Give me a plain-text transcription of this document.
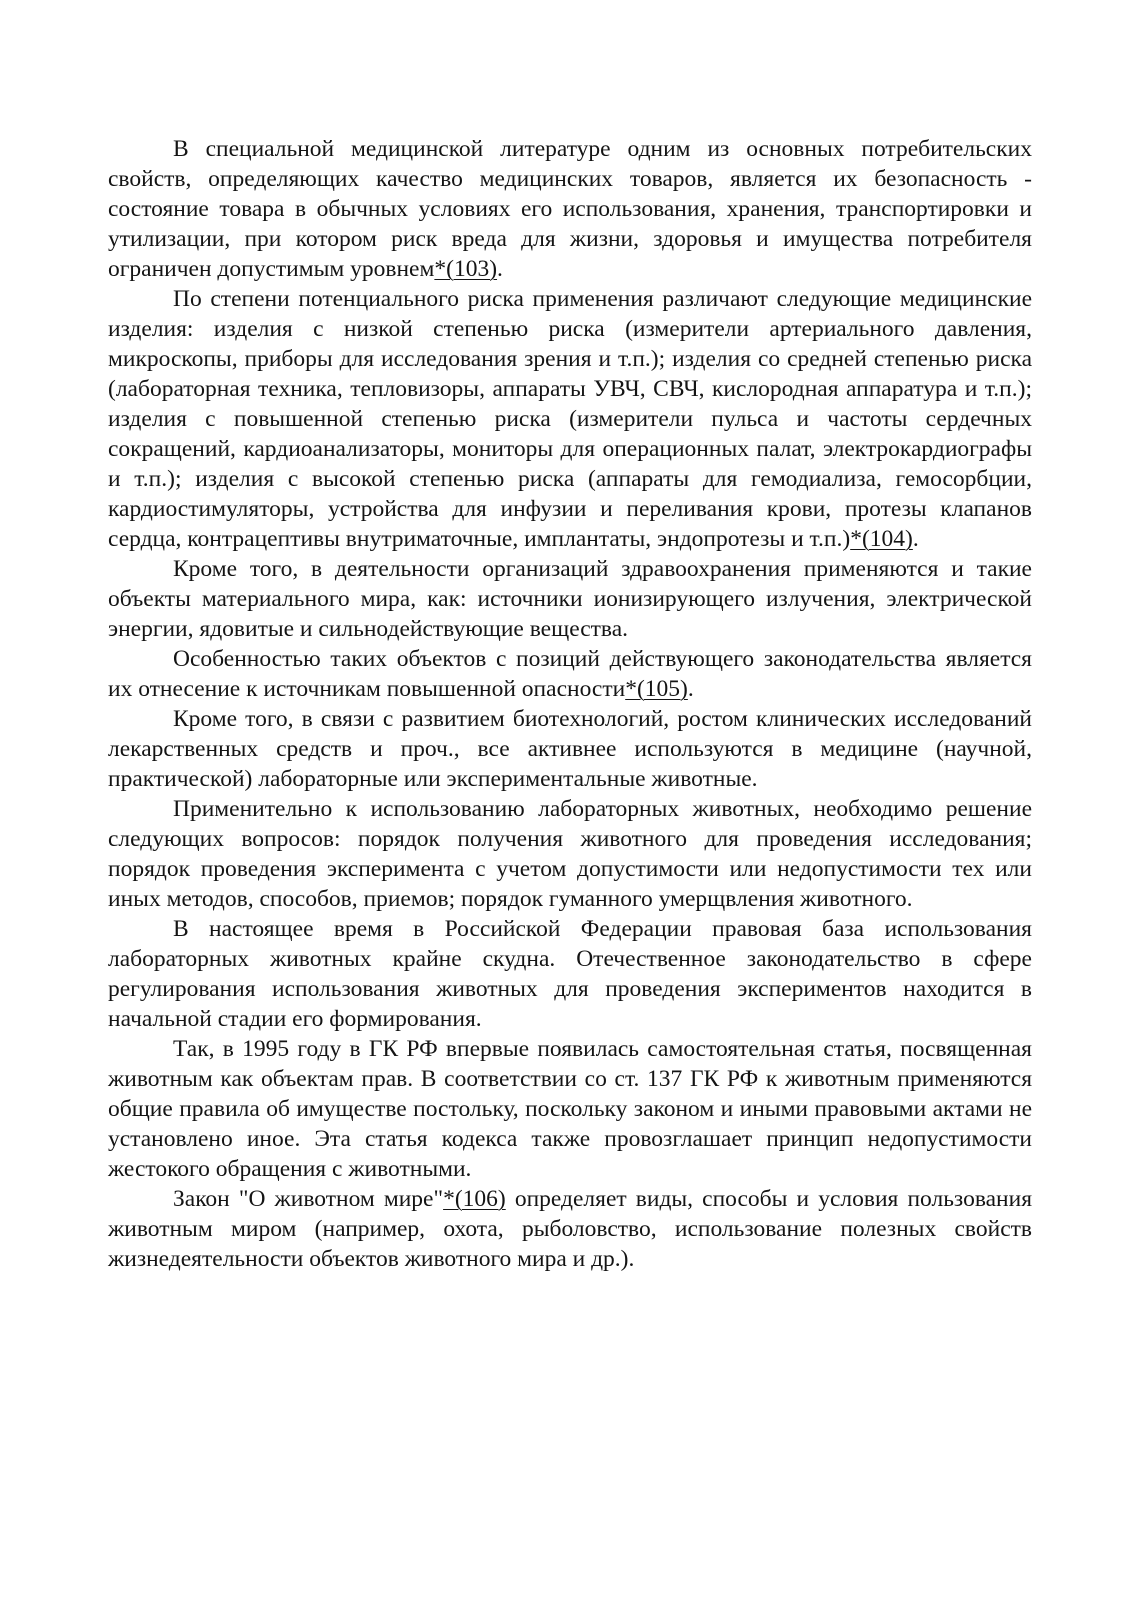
В специальной медицинской литературе одним из основных потребительских свойств, определяющих качество медицинских товаров, является их безопасность - состояние товара в обычных условиях его использования, хранения, транспортировки и утилизации, при котором риск вреда для жизни, здоровья и имущества потребителя ограничен допустимым уровнем*(103).

По степени потенциального риска применения различают следующие медицинские изделия: изделия с низкой степенью риска (измерители артериального давления, микроскопы, приборы для исследования зрения и т.п.); изделия со средней степенью риска (лабораторная техника, тепловизоры, аппараты УВЧ, СВЧ, кислородная аппаратура и т.п.); изделия с повышенной степенью риска (измерители пульса и частоты сердечных сокращений, кардиоанализаторы, мониторы для операционных палат, электрокардиографы и т.п.); изделия с высокой степенью риска (аппараты для гемодиализа, гемосорбции, кардиостимуляторы, устройства для инфузии и переливания крови, протезы клапанов сердца, контрацептивы внутриматочные, имплантаты, эндопротезы и т.п.)*(104).

Кроме того, в деятельности организаций здравоохранения применяются и такие объекты материального мира, как: источники ионизирующего излучения, электрической энергии, ядовитые и сильнодействующие вещества.

Особенностью таких объектов с позиций действующего законодательства является их отнесение к источникам повышенной опасности*(105).

Кроме того, в связи с развитием биотехнологий, ростом клинических исследований лекарственных средств и проч., все активнее используются в медицине (научной, практической) лабораторные или экспериментальные животные.

Применительно к использованию лабораторных животных, необходимо решение следующих вопросов: порядок получения животного для проведения исследования; порядок проведения эксперимента с учетом допустимости или недопустимости тех или иных методов, способов, приемов; порядок гуманного умерщвления животного.

В настоящее время в Российской Федерации правовая база использования лабораторных животных крайне скудна. Отечественное законодательство в сфере регулирования использования животных для проведения экспериментов находится в начальной стадии его формирования.

Так, в 1995 году в ГК РФ впервые появилась самостоятельная статья, посвященная животным как объектам прав. В соответствии со ст. 137 ГК РФ к животным применяются общие правила об имуществе постольку, поскольку законом и иными правовыми актами не установлено иное. Эта статья кодекса также провозглашает принцип недопустимости жестокого обращения с животными.

Закон "О животном мире"*(106) определяет виды, способы и условия пользования животным миром (например, охота, рыболовство, использование полезных свойств жизнедеятельности объектов животного мира и др.).
